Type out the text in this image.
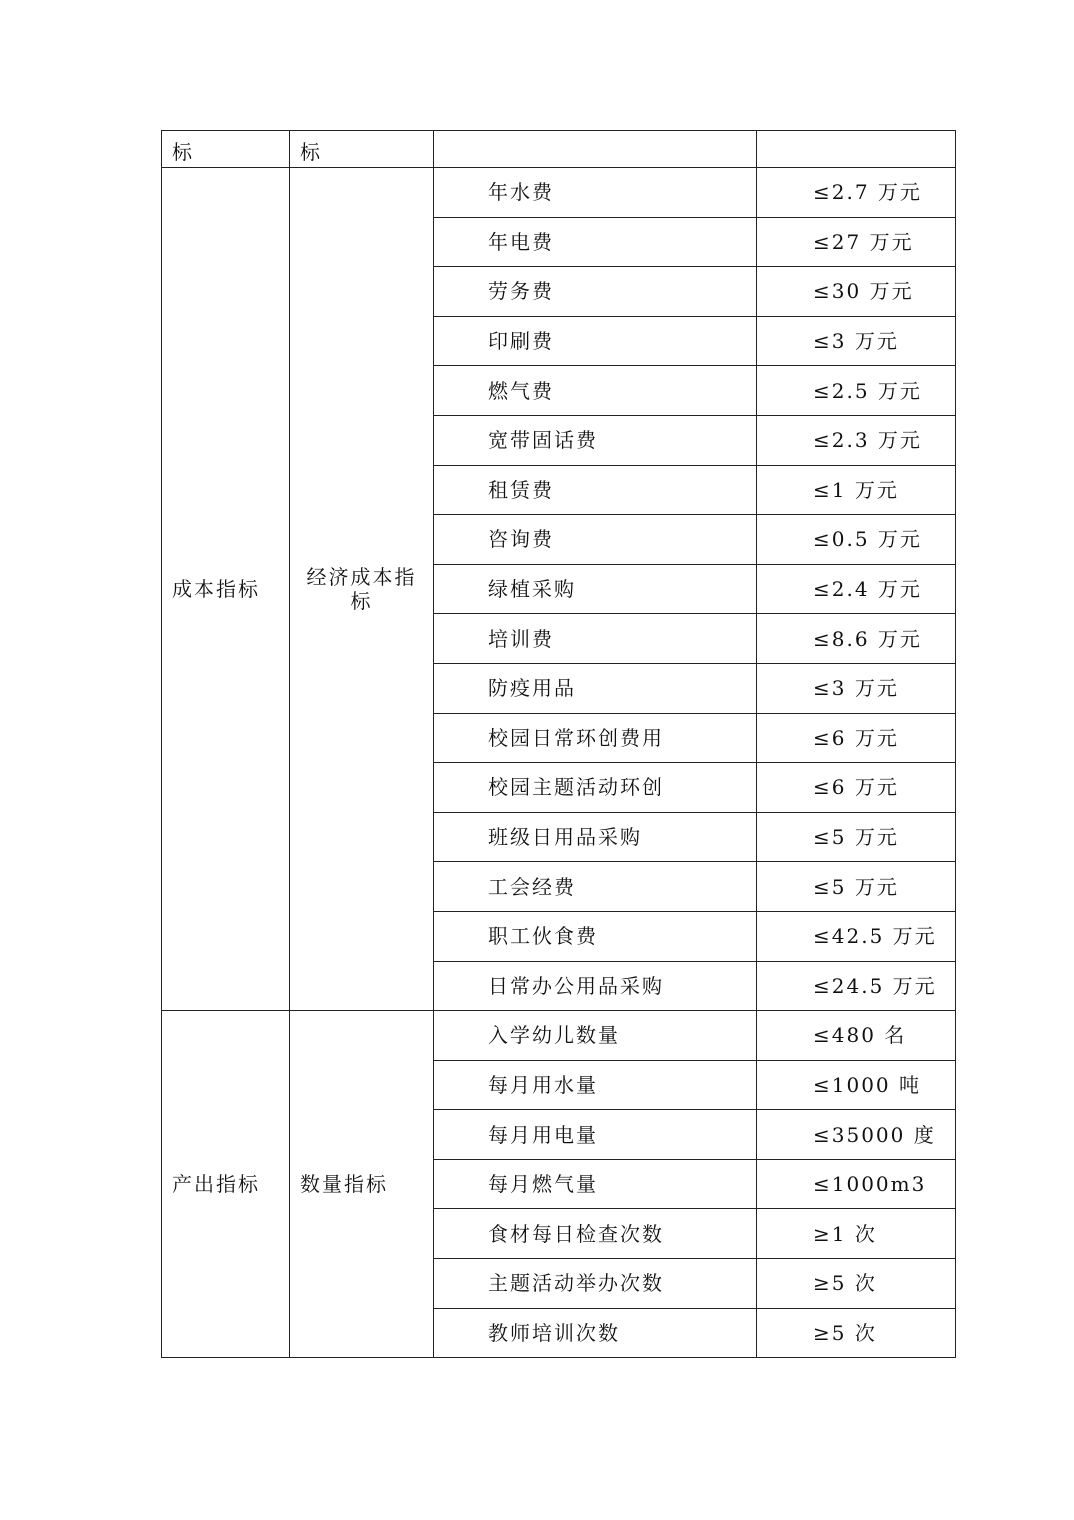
标	标		
成本指标	经济成本指标	年水费	≤2.7 万元
		年电费	≤27 万元
		劳务费	≤30 万元
		印刷费	≤3 万元
		燃气费	≤2.5 万元
		宽带固话费	≤2.3 万元
		租赁费	≤1 万元
		咨询费	≤0.5 万元
		绿植采购	≤2.4 万元
		培训费	≤8.6 万元
		防疫用品	≤3 万元
		校园日常环创费用	≤6 万元
		校园主题活动环创	≤6 万元
		班级日用品采购	≤5 万元
		工会经费	≤5 万元
		职工伙食费	≤42.5 万元
		日常办公用品采购	≤24.5 万元
产出指标	数量指标	入学幼儿数量	≤480 名
		每月用水量	≤1000 吨
		每月用电量	≤35000 度
		每月燃气量	≤1000m3
		食材每日检查次数	≥1 次
		主题活动举办次数	≥5 次
		教师培训次数	≥5 次
